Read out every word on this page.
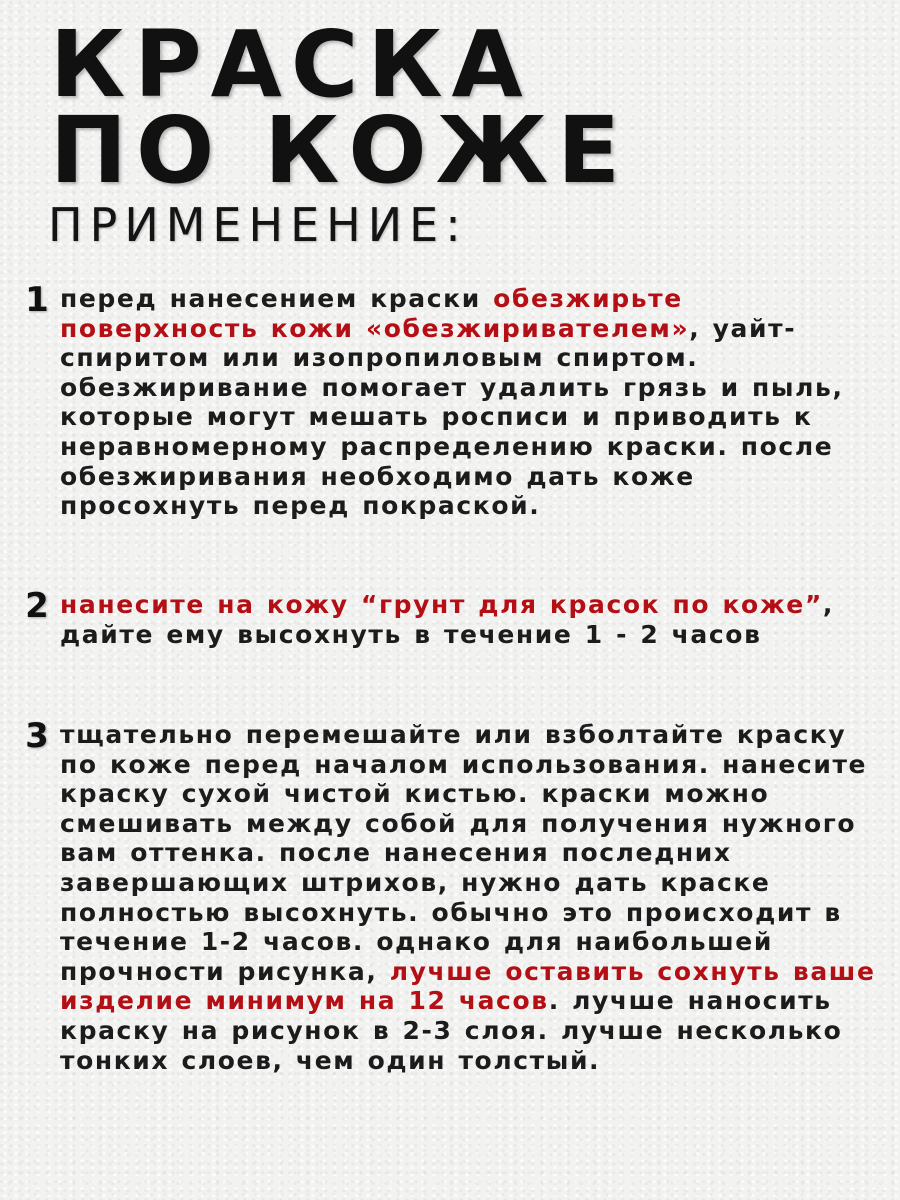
КРАСКА
ПО КОЖЕ
ПРИМЕНЕНИЕ:
1 перед нанесением краски обезжирьте поверхность кожи «обезжиривателем», уайт-спиритом или изопропиловым спиртом. обезжиривание помогает удалить грязь и пыль, которые могут мешать росписи и приводить к неравномерному распределению краски. после обезжиривания необходимо дать коже просохнуть перед покраской.

2 нанесите на кожу “грунт для красок по коже”, дайте ему высохнуть в течение 1 - 2 часов

3 тщательно перемешайте или взболтайте краску по коже перед началом использования. нанесите краску сухой чистой кистью. краски можно смешивать между собой для получения нужного вам оттенка. после нанесения последних завершающих штрихов, нужно дать краске полностью высохнуть. обычно это происходит в течение 1-2 часов. однако для наибольшей прочности рисунка, лучше оставить сохнуть ваше изделие минимум на 12 часов. лучше наносить краску на рисунок в 2-3 слоя. лучше несколько тонких слоев, чем один толстый.
